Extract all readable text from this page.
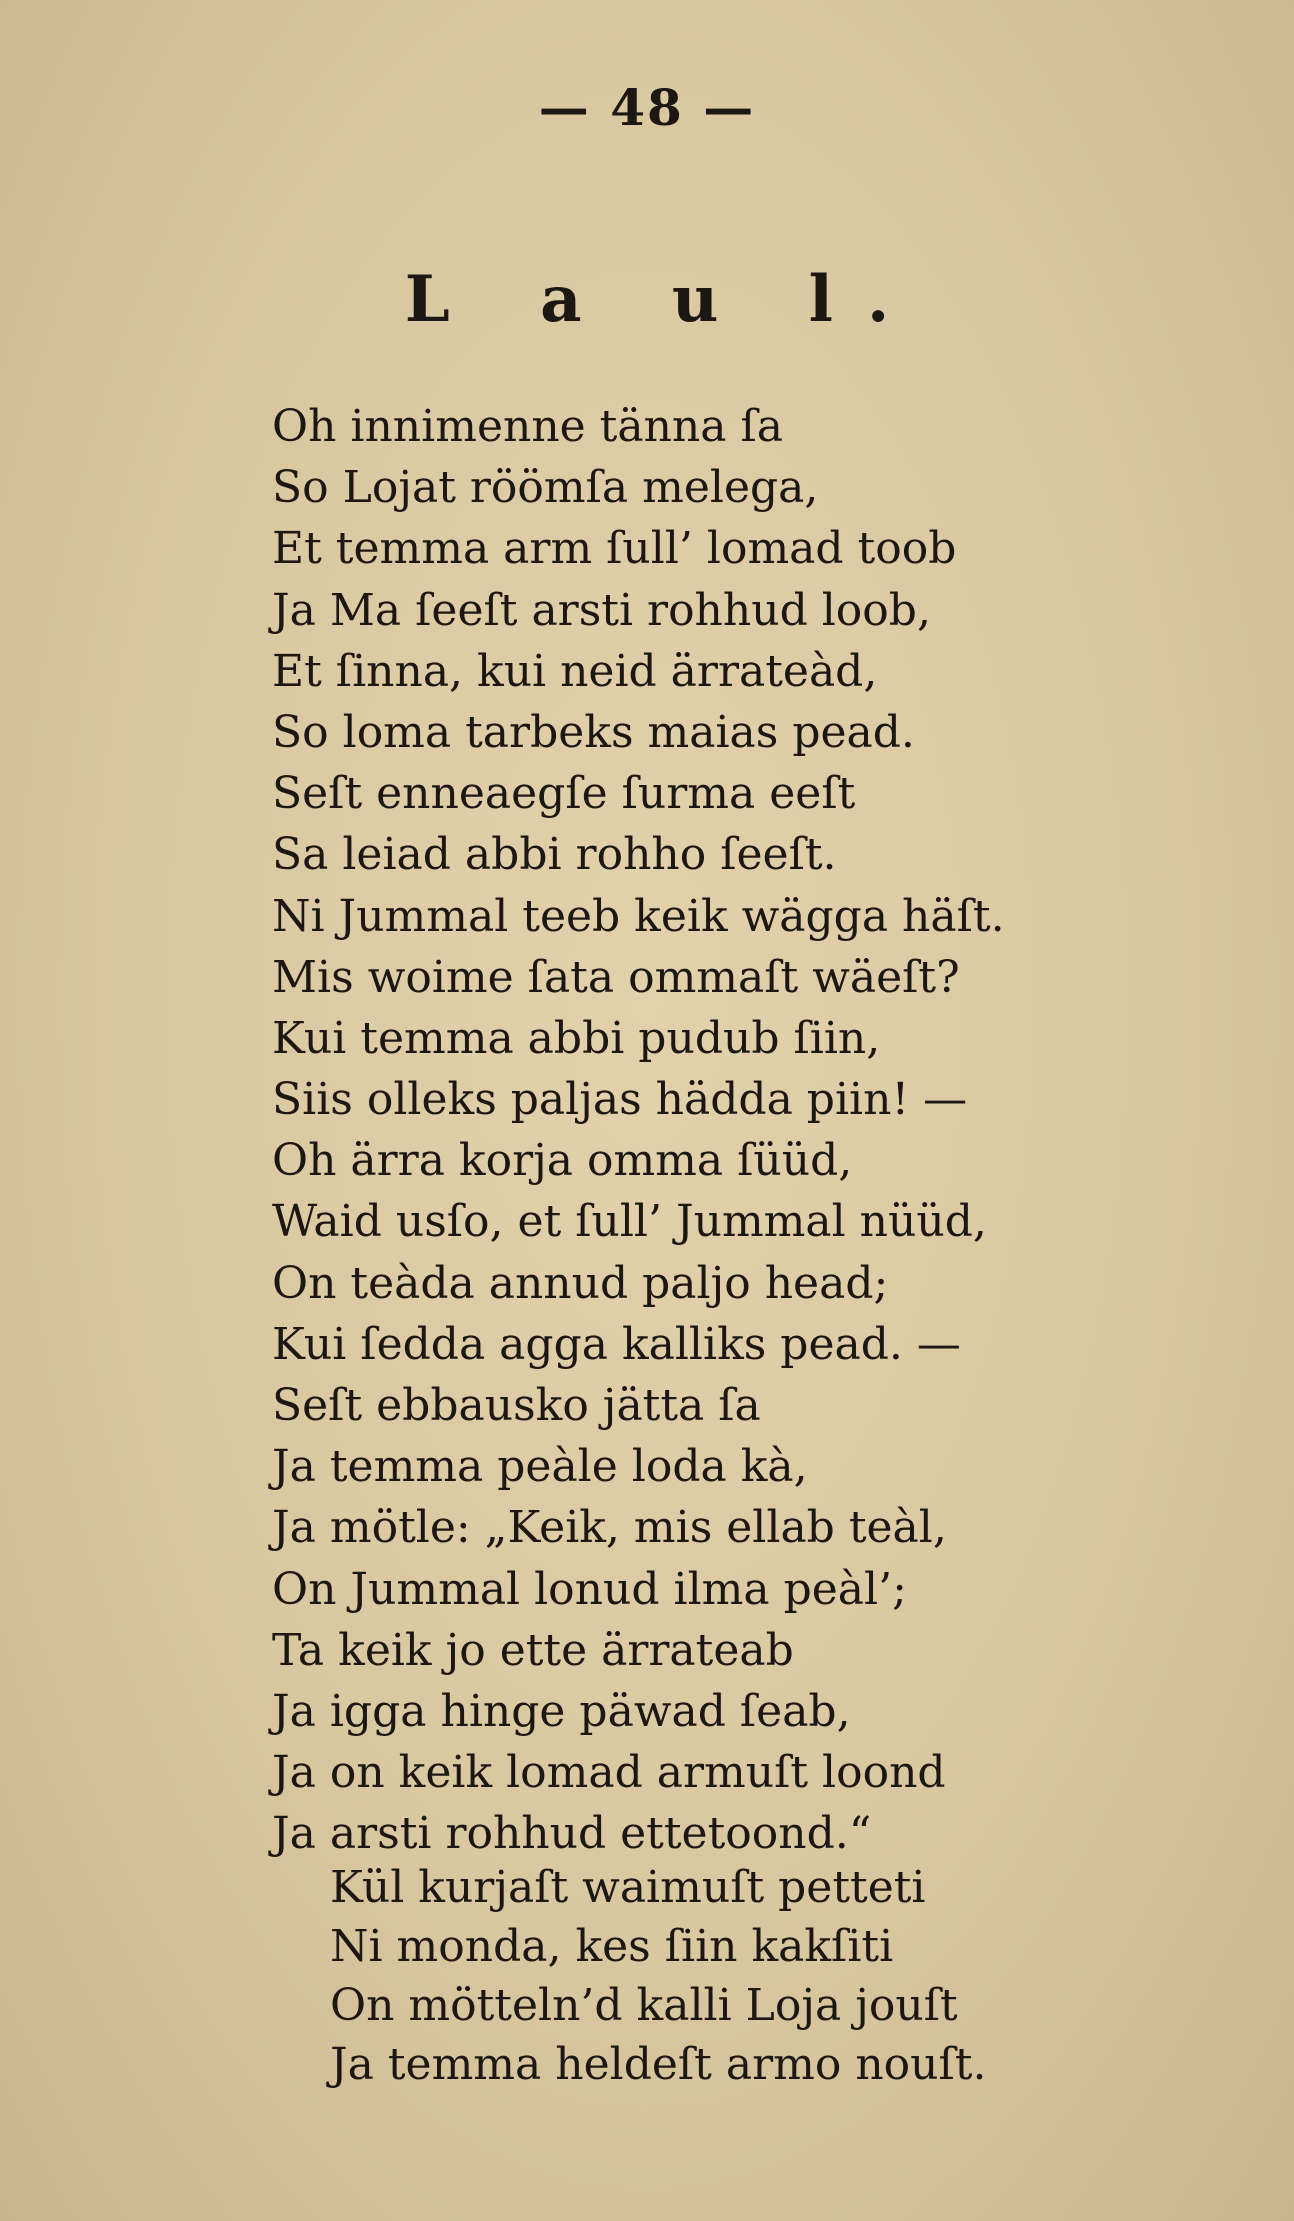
— 48 —
L a u l.
Oh innimenne tänna ſa
So Lojat röömſa melega,
Et temma arm ſull’ lomad toob
Ja Ma ſeeſt arsti rohhud loob,
Et ſinna, kui neid ärrateàd,
So loma tarbeks maias pead.
Seſt enneaegſe ſurma eeſt
Sa leiad abbi rohho ſeeſt.
Ni Jummal teeb keik wägga häſt.
Mis woime ſata ommaſt wäeſt?
Kui temma abbi pudub ſiin,
Siis olleks paljas hädda piin! —
Oh ärra korja omma ſüüd,
Waid usſo, et ſull’ Jummal nüüd,
On teàda annud paljo head;
Kui ſedda agga kalliks pead. —
Seſt ebbausko jätta ſa
Ja temma peàle loda kà,
Ja mötle: „Keik, mis ellab teàl,
On Jummal lonud ilma peàl’;
Ta keik jo ette ärrateab
Ja igga hinge päwad ſeab,
Ja on keik lomad armuſt loond
Ja arsti rohhud ettetoond.“
Kül kurjaſt waimuſt petteti
Ni monda, kes ſiin kakſiti
On mötteln’d kalli Loja jouſt
Ja temma heldeſt armo nouſt.
